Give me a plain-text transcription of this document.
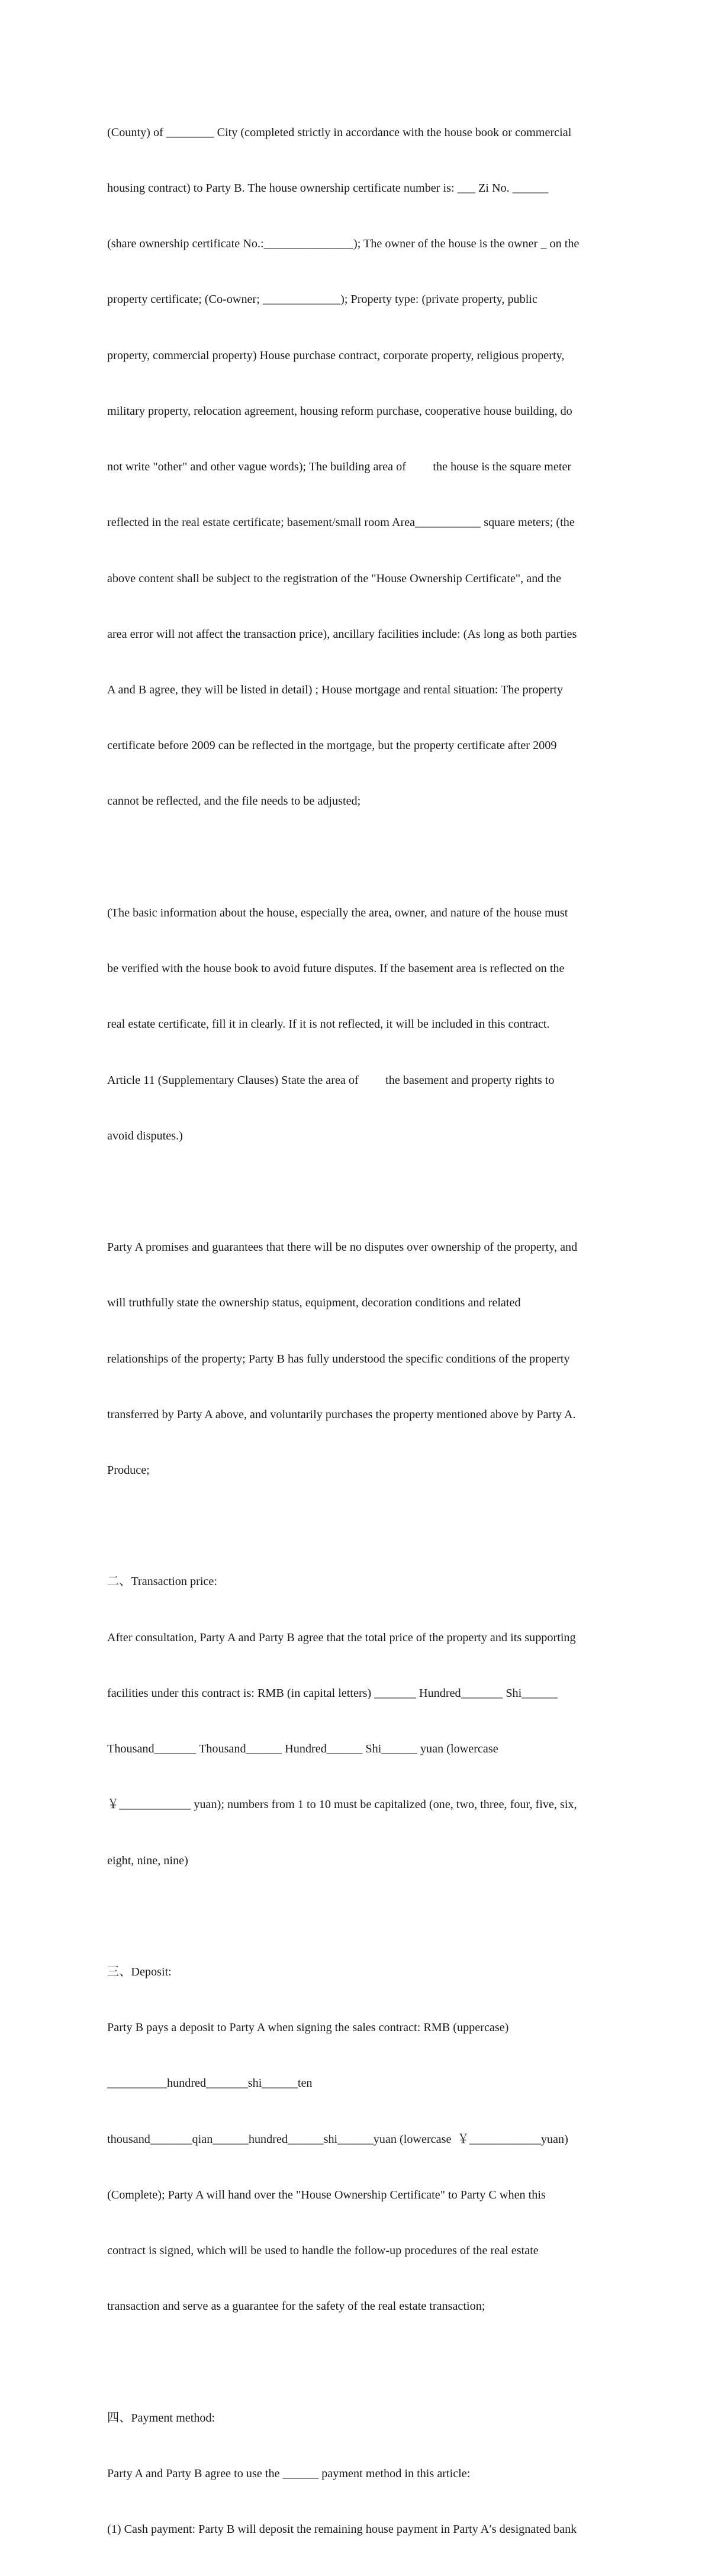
(County) of ________ City (completed strictly in accordance with the house book or commercial

housing contract) to Party B. The house ownership certificate number is: ___ Zi No. ______

(share ownership certificate No.:_______________); The owner of the house is the owner _ on the

property certificate; (Co-owner; _____________); Property type: (private property, public

property, commercial property) House purchase contract, corporate property, religious property,

military property, relocation agreement, housing reform purchase, cooperative house building, do

not write "other" and other vague words); The building area of         the house is the square meter

reflected in the real estate certificate; basement/small room Area___________ square meters; (the

above content shall be subject to the registration of the "House Ownership Certificate", and the

area error will not affect the transaction price), ancillary facilities include: (As long as both parties

A and B agree, they will be listed in detail) ; House mortgage and rental situation: The property

certificate before 2009 can be reflected in the mortgage, but the property certificate after 2009

cannot be reflected, and the file needs to be adjusted;

(The basic information about the house, especially the area, owner, and nature of the house must

be verified with the house book to avoid future disputes. If the basement area is reflected on the

real estate certificate, fill it in clearly. If it is not reflected, it will be included in this contract.

Article 11 (Supplementary Clauses) State the area of         the basement and property rights to

avoid disputes.)

Party A promises and guarantees that there will be no disputes over ownership of the property, and

will truthfully state the ownership status, equipment, decoration conditions and related

relationships of the property; Party B has fully understood the specific conditions of the property

transferred by Party A above, and voluntarily purchases the property mentioned above by Party A.

Produce;

二、Transaction price:

After consultation, Party A and Party B agree that the total price of the property and its supporting

facilities under this contract is: RMB (in capital letters) _______ Hundred_______ Shi______

Thousand_______ Thousand______ Hundred______ Shi______ yuan (lowercase

￥____________ yuan); numbers from 1 to 10 must be capitalized (one, two, three, four, five, six,

eight, nine, nine)

三、Deposit:

Party B pays a deposit to Party A when signing the sales contract: RMB (uppercase)

__________hundred_______shi______ten

thousand_______qian______hundred______shi______yuan (lowercase  ￥____________yuan)

(Complete); Party A will hand over the "House Ownership Certificate" to Party C when this

contract is signed, which will be used to handle the follow-up procedures of the real estate

transaction and serve as a guarantee for the safety of the real estate transaction;

四、Payment method:

Party A and Party B agree to use the ______ payment method in this article:

(1) Cash payment: Party B will deposit the remaining house payment in Party A′s designated bank
